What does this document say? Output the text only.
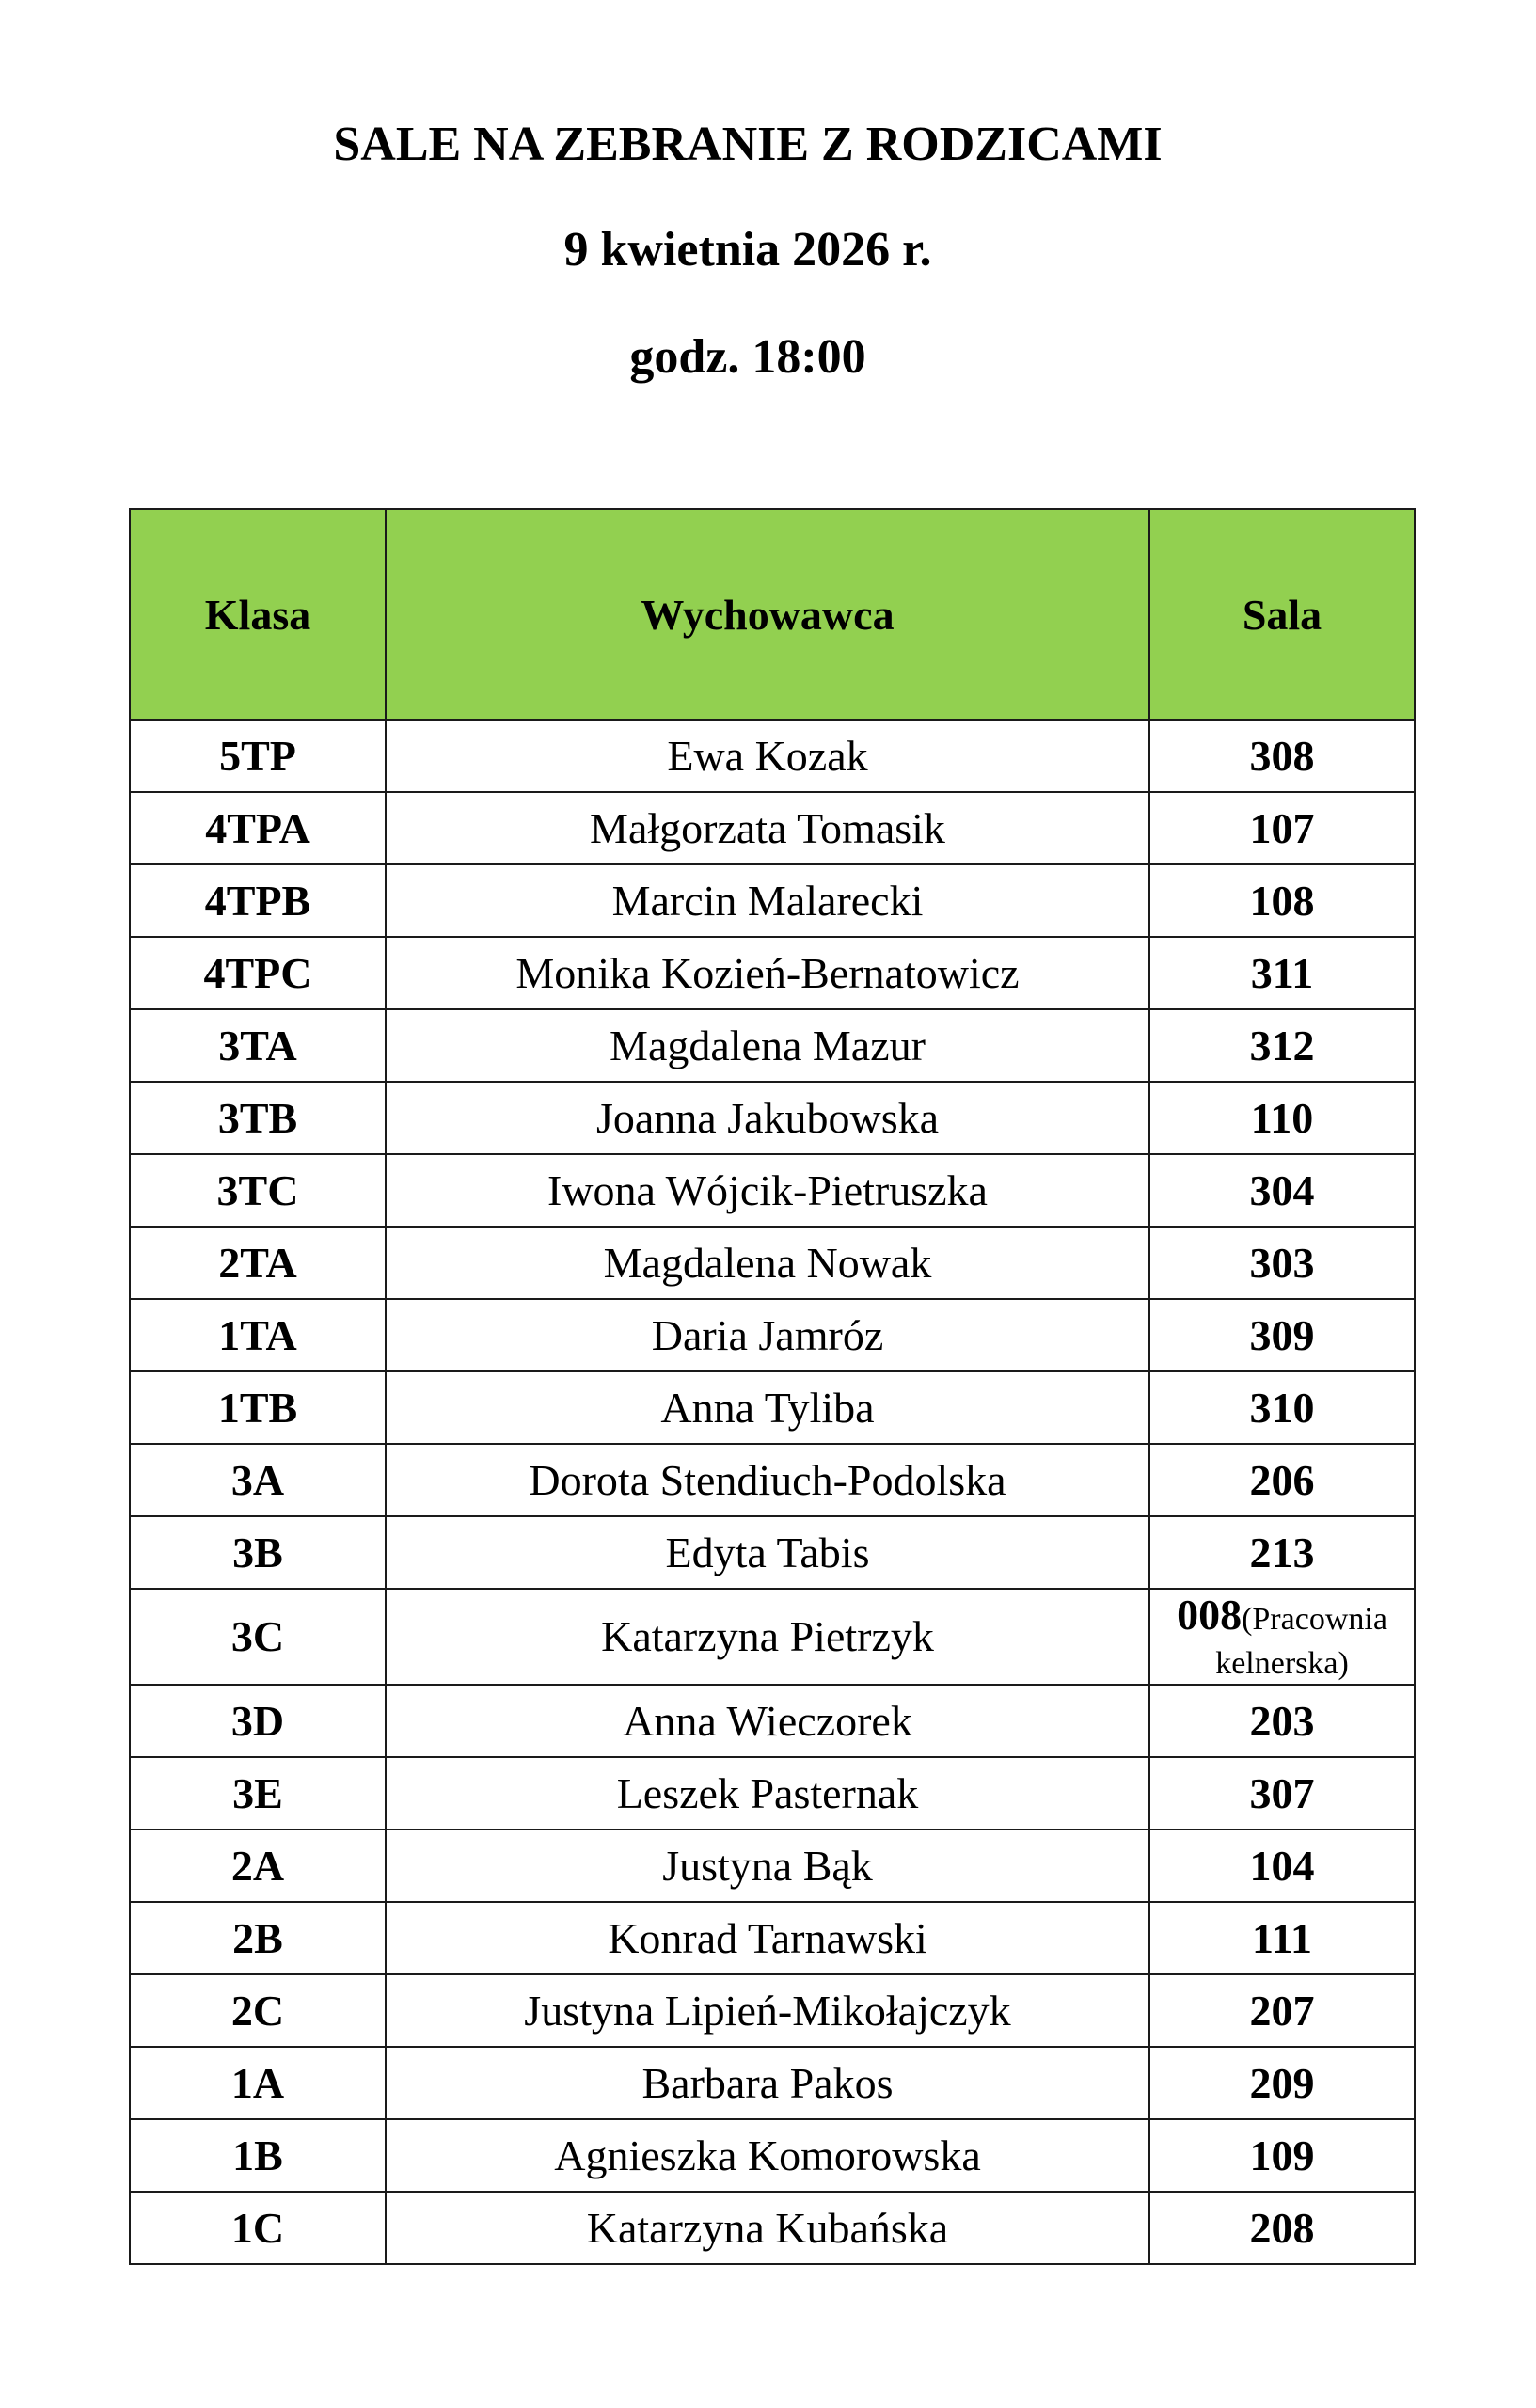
SALE NA ZEBRANIE Z RODZICAMI
9 kwietnia 2026 r.
godz. 18:00
Klasa	Wychowawca	Sala
5TP	Ewa Kozak	308
4TPA	Małgorzata Tomasik	107
4TPB	Marcin Malarecki	108
4TPC	Monika Kozień-Bernatowicz	311
3TA	Magdalena Mazur	312
3TB	Joanna Jakubowska	110
3TC	Iwona Wójcik-Pietruszka	304
2TA	Magdalena Nowak	303
1TA	Daria Jamróz	309
1TB	Anna Tyliba	310
3A	Dorota Stendiuch-Podolska	206
3B	Edyta Tabis	213
3C	Katarzyna Pietrzyk	008(Pracownia kelnerska)

3D	Anna Wieczorek	203
3E	Leszek Pasternak	307
2A	Justyna Bąk	104
2B	Konrad Tarnawski	111
2C	Justyna Lipień-Mikołajczyk	207
1A	Barbara Pakos	209
1B	Agnieszka Komorowska	109
1C	Katarzyna Kubańska	208
